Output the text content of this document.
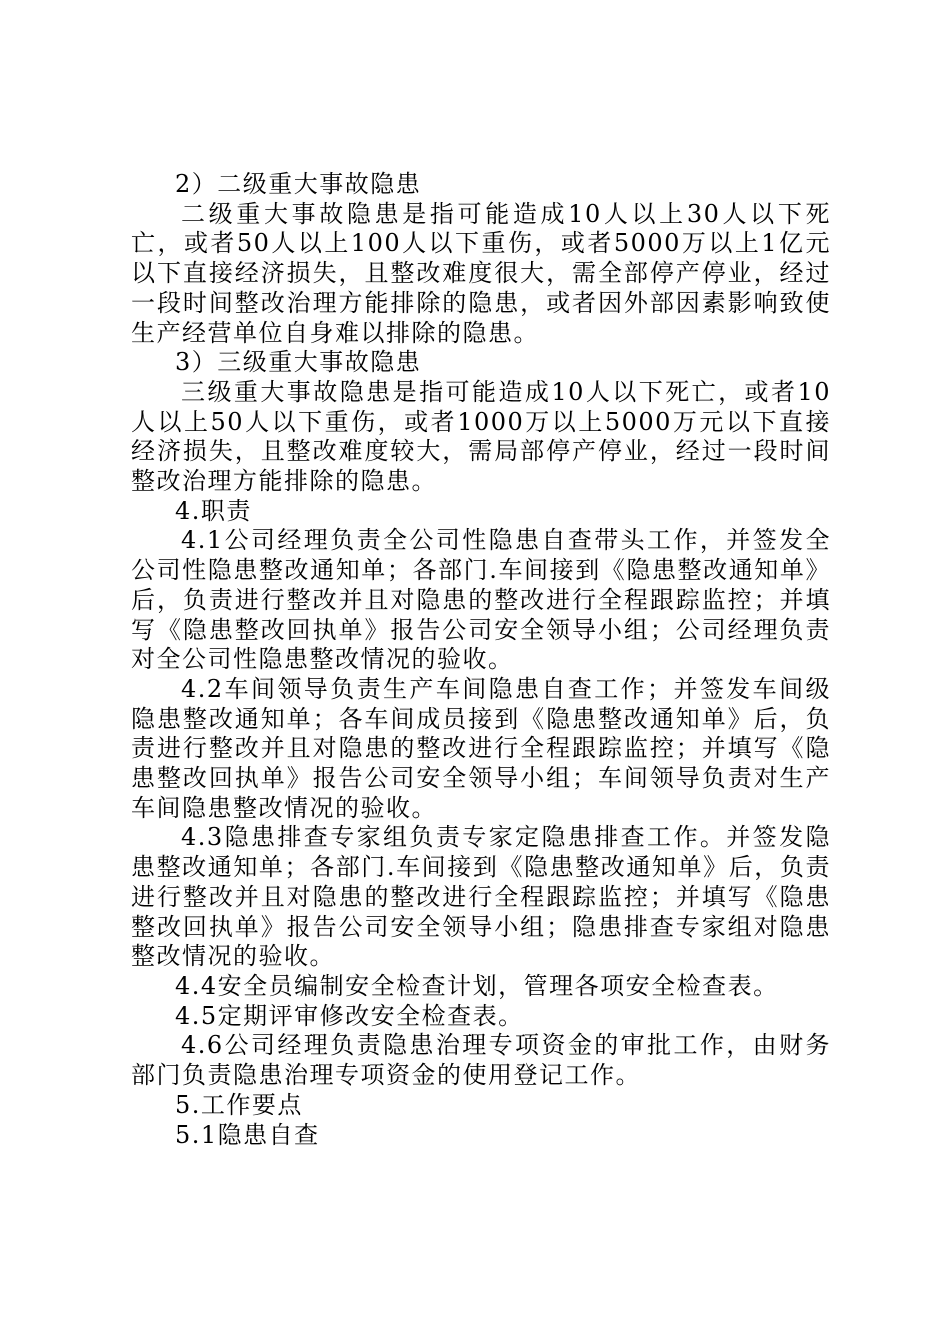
2）二级重大事故隐患

二级重大事故隐患是指可能造成10人以上30人以下死亡，或者50人以上100人以下重伤，或者5000万以上1亿元以下直接经济损失，且整改难度很大，需全部停产停业，经过一段时间整改治理方能排除的隐患，或者因外部因素影响致使生产经营单位自身难以排除的隐患。

3）三级重大事故隐患

三级重大事故隐患是指可能造成10人以下死亡，或者10人以上50人以下重伤，或者1000万以上5000万元以下直接经济损失，且整改难度较大，需局部停产停业，经过一段时间整改治理方能排除的隐患。

4.职责

4.1公司经理负责全公司性隐患自查带头工作，并签发全公司性隐患整改通知单；各部门.车间接到《隐患整改通知单》后，负责进行整改并且对隐患的整改进行全程跟踪监控；并填写《隐患整改回执单》报告公司安全领导小组；公司经理负责对全公司性隐患整改情况的验收。

4.2车间领导负责生产车间隐患自查工作；并签发车间级隐患整改通知单；各车间成员接到《隐患整改通知单》后，负责进行整改并且对隐患的整改进行全程跟踪监控；并填写《隐患整改回执单》报告公司安全领导小组；车间领导负责对生产车间隐患整改情况的验收。

4.3隐患排查专家组负责专家定隐患排查工作。并签发隐患整改通知单；各部门.车间接到《隐患整改通知单》后，负责进行整改并且对隐患的整改进行全程跟踪监控；并填写《隐患整改回执单》报告公司安全领导小组；隐患排查专家组对隐患整改情况的验收。

4.4安全员编制安全检查计划，管理各项安全检查表。

4.5定期评审修改安全检查表。

4.6公司经理负责隐患治理专项资金的审批工作，由财务部门负责隐患治理专项资金的使用登记工作。

5.工作要点

5.1隐患自查
